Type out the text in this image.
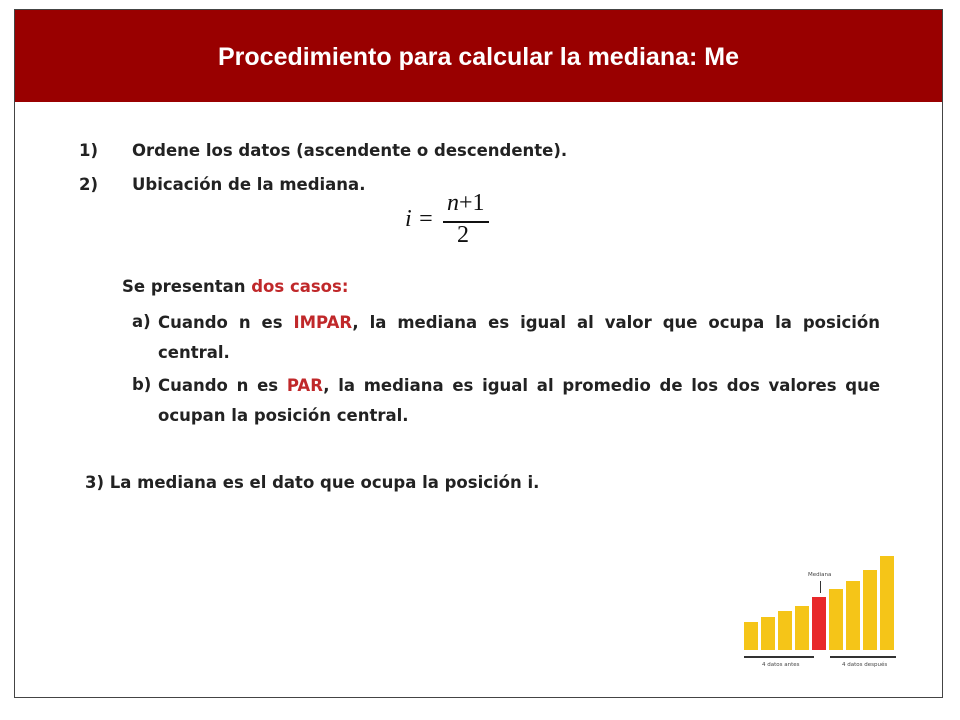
Procedimiento para calcular la mediana: Me
1) Ordene los datos (ascendente o descendente).
2) Ubicación de la mediana.
i =
n+1
2
Se presentan dos casos:
a) Cuando n es IMPAR, la mediana es igual al valor que ocupa la posición central.
b) Cuando n es PAR, la mediana es igual al promedio de los dos valores que ocupan la posición central.
3) La mediana es el dato que ocupa la posición i.
Mediana
4 datos antes	4 datos después
